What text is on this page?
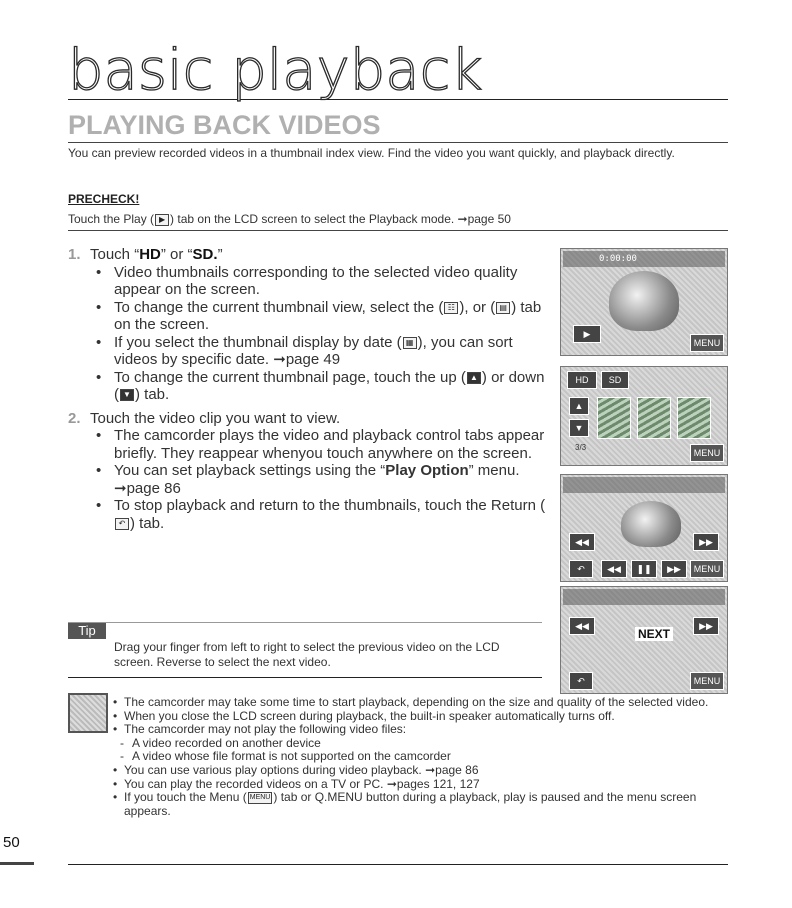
basic playback
PLAYING BACK VIDEOS
You can preview recorded videos in a thumbnail index view. Find the video you want quickly, and playback directly.
PRECHECK!
Touch the Play ( ▶ ) tab on the LCD screen to select the Playback mode. ➞page 50
1. Touch “HD” or “SD.”
• Video thumbnails corresponding to the selected video quality appear on the screen.
• To change the current thumbnail view, select the ( ☷ ), or ( ▤ ) tab on the screen.
• If you select the thumbnail display by date ( ▦ ), you can sort videos by specific date. ➞page 49
• To change the current thumbnail page, touch the up ( ▲ ) or down ( ▼ ) tab.
2. Touch the video clip you want to view.
• The camcorder plays the video and playback control tabs appear briefly. They reappear whenyou touch anywhere on the screen.
• You can set playback settings using the “Play Option” menu. ➞page 86
• To stop playback and return to the thumbnails, touch the Return (↶ ) tab.
Tip
Drag your finger from left to right to select the previous video on the LCD screen. Reverse to select the next video.
0:00:00
▶
MENU
HD	SD
▲
▼
3/3
MENU
◀◀	▶▶
↶	◀◀	❚❚	▶▶	MENU
◀◀	▶▶
NEXT
↶	MENU
• The camcorder may take some time to start playback, depending on the size and quality of the selected video.
• When you close the LCD screen during playback, the built-in speaker automatically turns off.
• The camcorder may not play the following video files:
- A video recorded on another device
- A video whose file format is not supported on the camcorder
• You can use various play options during video playback. ➞page 86
• You can play the recorded videos on a TV or PC. ➞pages 121, 127
• If you touch the Menu ( MENU ) tab or Q.MENU button during a playback, play is paused and the menu screen appears.
50
